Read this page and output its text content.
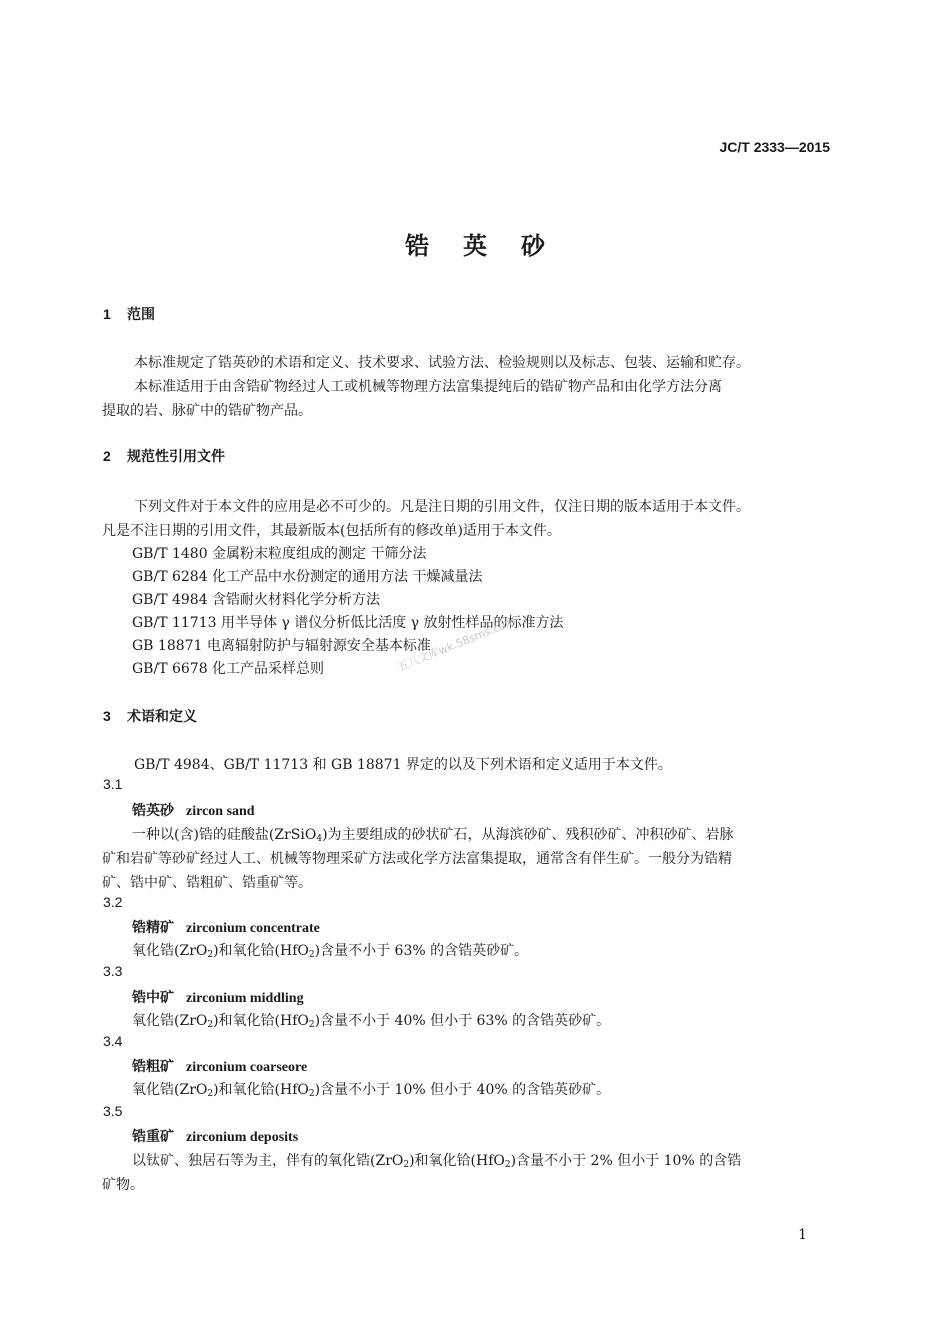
JC/T 2333—2015
锆英砂
1 范围
本标准规定了锆英砂的术语和定义、技术要求、试验方法、检验规则以及标志、包装、运输和贮存。
本标准适用于由含锆矿物经过人工或机械等物理方法富集提纯后的锆矿物产品和由化学方法分离
提取的岩、脉矿中的锆矿物产品。
2 规范性引用文件
下列文件对于本文件的应用是必不可少的。凡是注日期的引用文件，仅注日期的版本适用于本文件。
凡是不注日期的引用文件，其最新版本(包括所有的修改单)适用于本文件。
GB/T 1480 金属粉末粒度组成的测定 干筛分法
GB/T 6284 化工产品中水份测定的通用方法 干燥减量法
GB/T 4984 含锆耐火材料化学分析方法
GB/T 11713 用半导体 γ 谱仪分析低比活度 γ 放射性样品的标准方法
GB 18871 电离辐射防护与辐射源安全基本标准
GB/T 6678 化工产品采样总则	五八文库wk.58sms.com
3 术语和定义
GB/T 4984、GB/T 11713 和 GB 18871 界定的以及下列术语和定义适用于本文件。
3.1
锆英砂 zircon sand
一种以(含)锆的硅酸盐(ZrSiO$_4$)为主要组成的砂状矿石，从海滨砂矿、残积砂矿、冲积砂矿、岩脉
矿和岩矿等砂矿经过人工、机械等物理采矿方法或化学方法富集提取，通常含有伴生矿。一般分为锆精
矿、锆中矿、锆粗矿、锆重矿等。
3.2
锆精矿 zirconium concentrate
氧化锆(ZrO$_2$)和氧化铪(HfO$_2$)含量不小于 63% 的含锆英砂矿。
3.3
锆中矿 zirconium middling
氧化锆(ZrO$_2$)和氧化铪(HfO$_2$)含量不小于 40% 但小于 63% 的含锆英砂矿。
3.4
锆粗矿 zirconium coarseore
氧化锆(ZrO$_2$)和氧化铪(HfO$_2$)含量不小于 10% 但小于 40% 的含锆英砂矿。
3.5
锆重矿 zirconium deposits
以钛矿、独居石等为主，伴有的氧化锆(ZrO$_2$)和氧化铪(HfO$_2$)含量不小于 2% 但小于 10% 的含锆
矿物。
1
